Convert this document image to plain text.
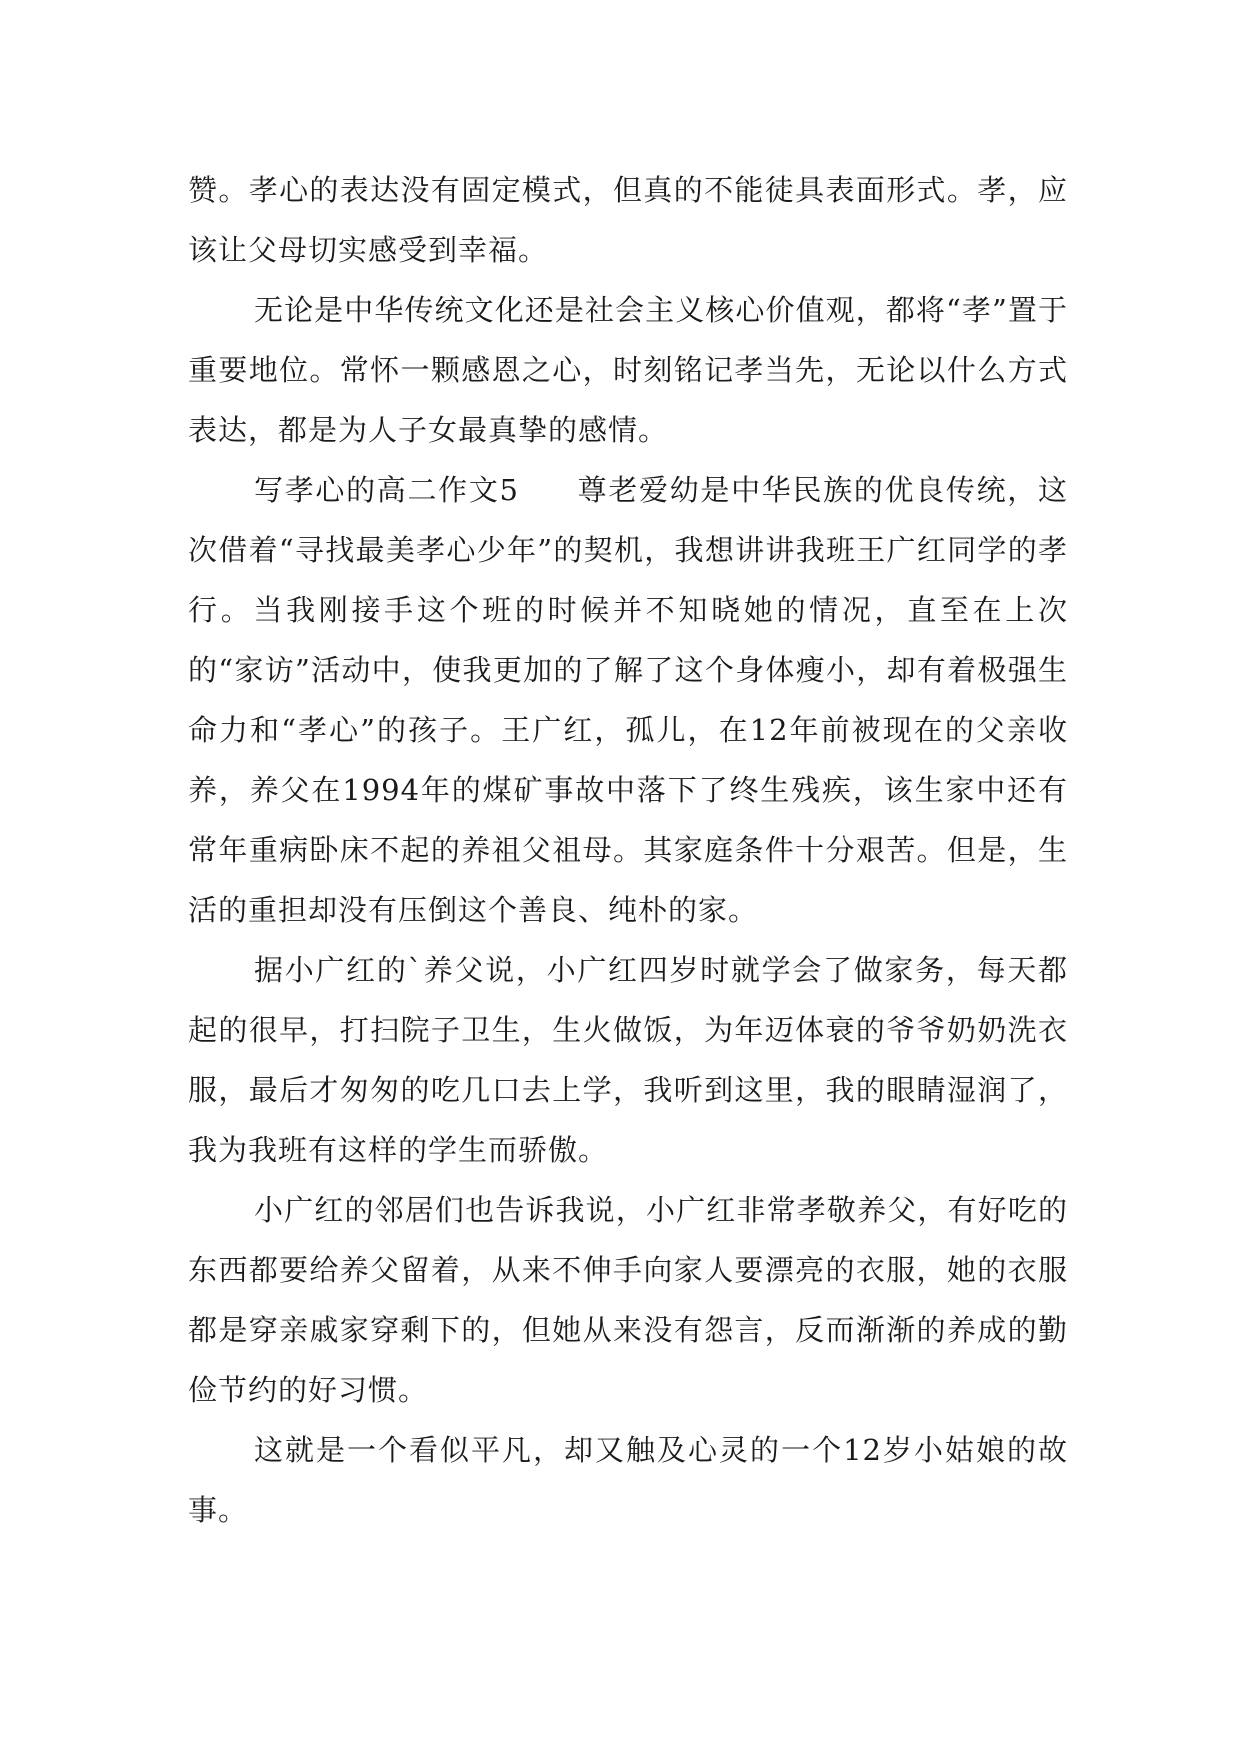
赞。孝心的表达没有固定模式，但真的不能徒具表面形式。孝，应该让父母切实感受到幸福。

无论是中华传统文化还是社会主义核心价值观，都将“孝”置于重要地位。常怀一颗感恩之心，时刻铭记孝当先，无论以什么方式表达，都是为人子女最真挚的感情。

写孝心的高二作文5 尊老爱幼是中华民族的优良传统，这次借着“寻找最美孝心少年”的契机，我想讲讲我班王广红同学的孝行。当我刚接手这个班的时候并不知晓她的情况，直至在上次的“家访”活动中，使我更加的了解了这个身体瘦小，却有着极强生命力和“孝心”的孩子。王广红，孤儿，在12年前被现在的父亲收养，养父在1994年的煤矿事故中落下了终生残疾，该生家中还有常年重病卧床不起的养祖父祖母。其家庭条件十分艰苦。但是，生活的重担却没有压倒这个善良、纯朴的家。

据小广红的`养父说，小广红四岁时就学会了做家务，每天都起的很早，打扫院子卫生，生火做饭，为年迈体衰的爷爷奶奶洗衣服，最后才匆匆的吃几口去上学，我听到这里，我的眼睛湿润了，我为我班有这样的学生而骄傲。

小广红的邻居们也告诉我说，小广红非常孝敬养父，有好吃的东西都要给养父留着，从来不伸手向家人要漂亮的衣服，她的衣服都是穿亲戚家穿剩下的，但她从来没有怨言，反而渐渐的养成的勤俭节约的好习惯。

这就是一个看似平凡，却又触及心灵的一个12岁小姑娘的故事。
